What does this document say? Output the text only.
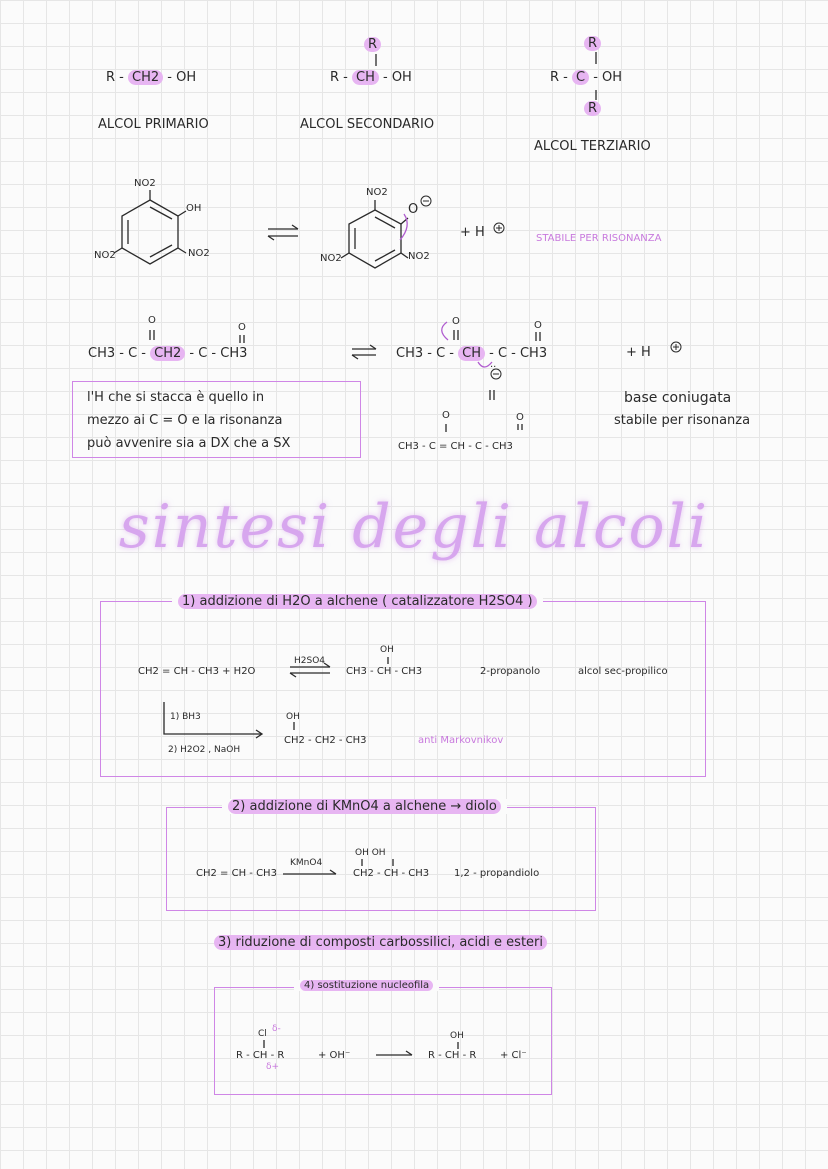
R - CH2 - OH
ALCOL PRIMARIO
R
R - CH - OH
ALCOL SECONDARIO
R
R - C - OH
R
ALCOL TERZIARIO
NO2
OH
NO2	NO2
NO2
O
NO2	NO2
+ H	STABILE PER RISONANZA
O
O
CH3 - C - CH2 - C - CH3
O	O
CH3 - C - CH - C - CH3
..
+ H
O	O
CH3 - C = CH - C - CH3
l'H che si stacca è quello in
mezzo ai C = O e la risonanza
può avvenire sia a DX che a SX
base coniugata
stabile per risonanza
sintesi degli alcoli
1) addizione di H2O a alchene ( catalizzatore H2SO4 )
CH2 = CH - CH3 + H2O
H2SO4
OH
CH3 - CH - CH3	2-propanolo	alcol sec-propilico
1) BH3
2) H2O2 , NaOH
OH
CH2 - CH2 - CH3	anti Markovnikov
2) addizione di KMnO4 a alchene → diolo
CH2 = CH - CH3
KMnO4
OH OH
CH2 - CH - CH3 1,2 - propandiolo
3) riduzione di composti carbossilici, acidi e esteri
4) sostituzione nucleofila
Cl δ-
R - CH - R
δ+
+ OH⁻
OH
R - CH - R + Cl⁻
